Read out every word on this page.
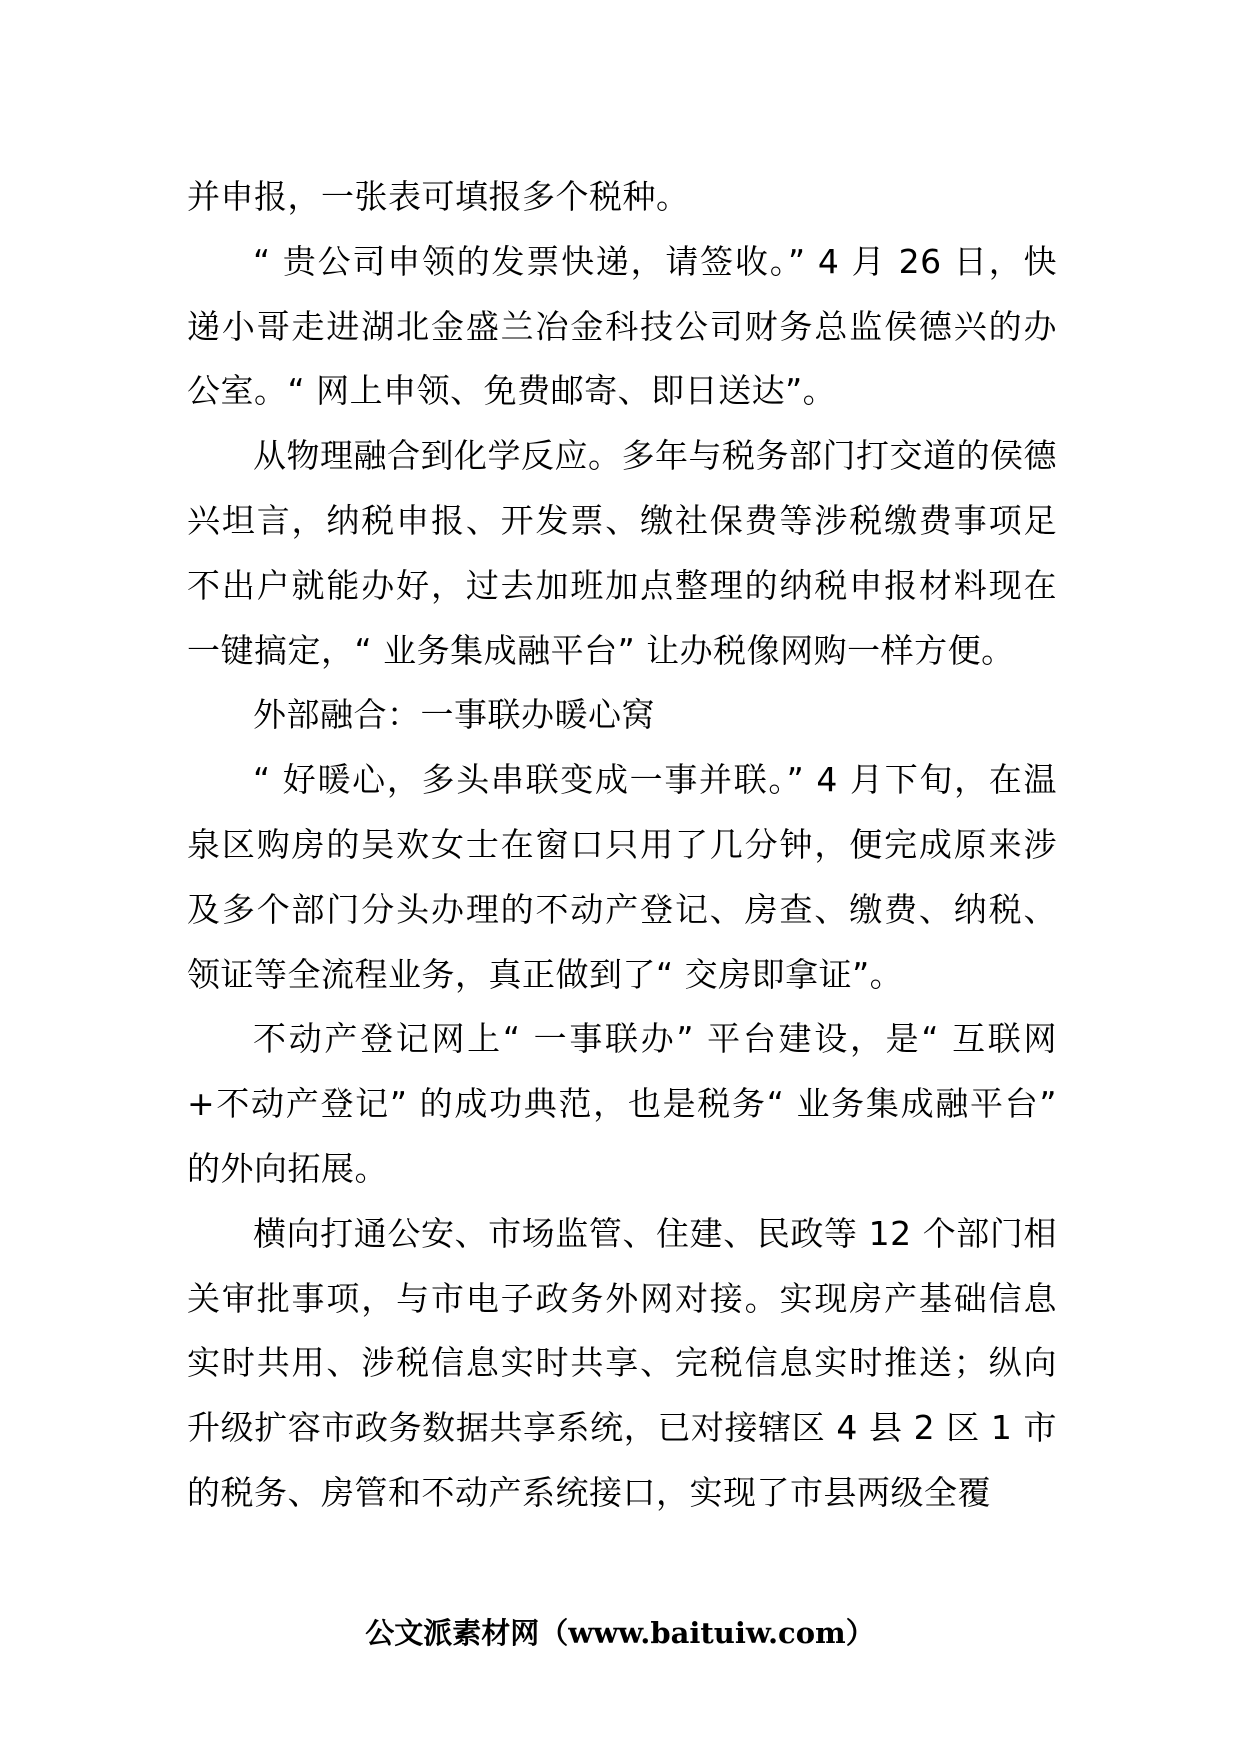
并申报，一张表可填报多个税种。

“ 贵公司申领的发票快递，请签收。” 4 月 26 日，快递小哥走进湖北金盛兰冶金科技公司财务总监侯德兴的办公室。“ 网上申领、免费邮寄、即日送达”。

从物理融合到化学反应。多年与税务部门打交道的侯德兴坦言，纳税申报、开发票、缴社保费等涉税缴费事项足不出户就能办好，过去加班加点整理的纳税申报材料现在一键搞定，“ 业务集成融平台” 让办税像网购一样方便。

外部融合：一事联办暖心窝

“ 好暖心，多头串联变成一事并联。” 4 月下旬，在温泉区购房的吴欢女士在窗口只用了几分钟，便完成原来涉及多个部门分头办理的不动产登记、房查、缴费、纳税、领证等全流程业务，真正做到了“ 交房即拿证”。

不动产登记网上“ 一事联办” 平台建设，是“ 互联网+不动产登记” 的成功典范，也是税务“ 业务集成融平台” 的外向拓展。

横向打通公安、市场监管、住建、民政等 12 个部门相关审批事项，与市电子政务外网对接。实现房产基础信息实时共用、涉税信息实时共享、完税信息实时推送；纵向升级扩容市政务数据共享系统，已对接辖区 4 县 2 区 1 市的税务、房管和不动产系统接口，实现了市县两级全覆

公文派素材网（www.baituiw.com）
